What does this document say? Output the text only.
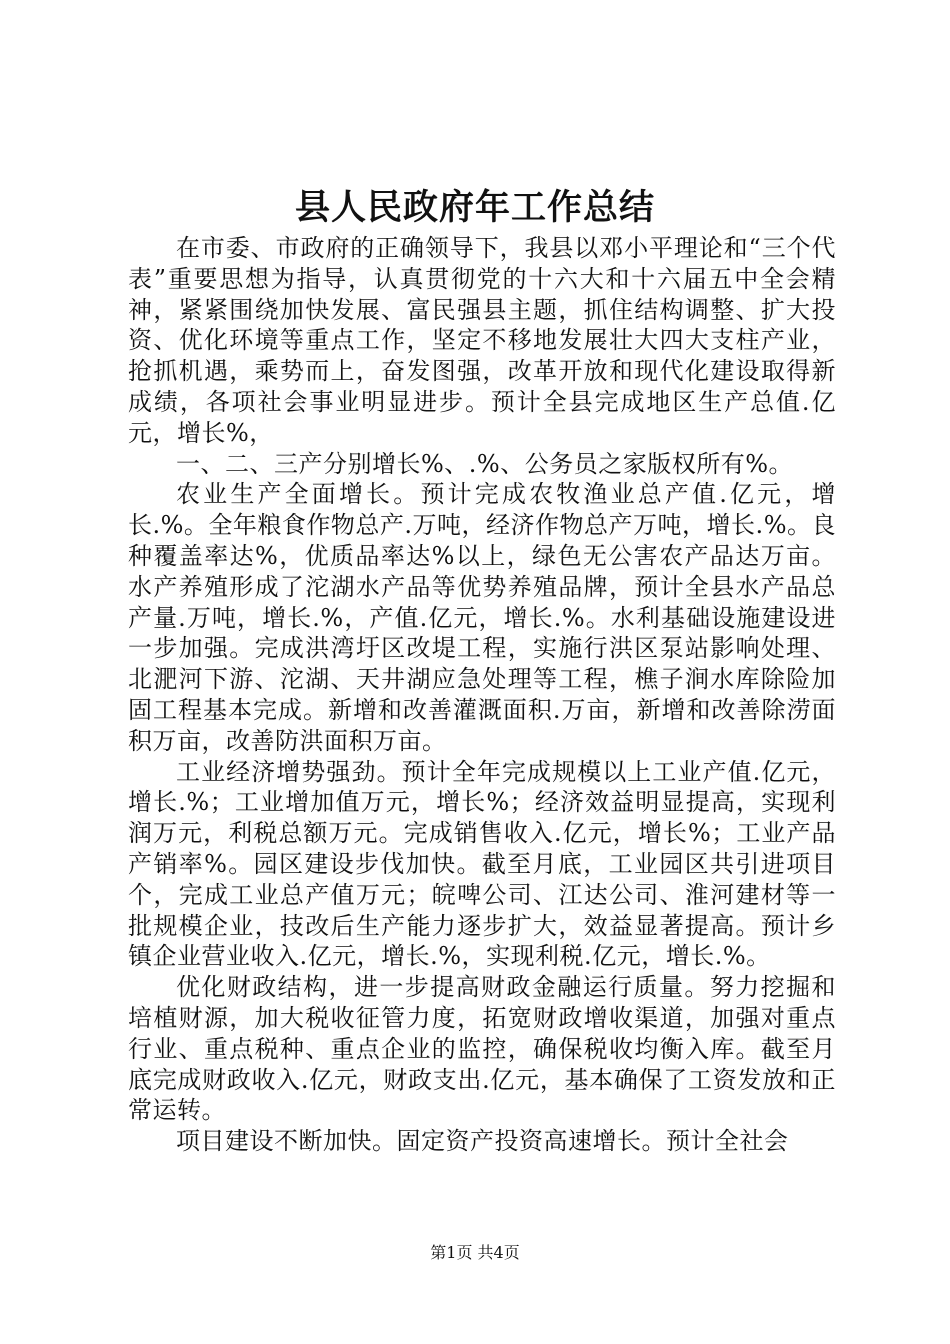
县人民政府年工作总结

在市委、市政府的正确领导下，我县以邓小平理论和“三个代表”重要思想为指导，认真贯彻党的十六大和十六届五中全会精神，紧紧围绕加快发展、富民强县主题，抓住结构调整、扩大投资、优化环境等重点工作，坚定不移地发展壮大四大支柱产业，抢抓机遇，乘势而上，奋发图强，改革开放和现代化建设取得新成绩，各项社会事业明显进步。预计全县完成地区生产总值.亿元，增长%，

一、二、三产分别增长%、.%、公务员之家版权所有%。

农业生产全面增长。预计完成农牧渔业总产值.亿元，增长.%。全年粮食作物总产.万吨，经济作物总产万吨，增长.%。良种覆盖率达%，优质品率达%以上，绿色无公害农产品达万亩。水产养殖形成了沱湖水产品等优势养殖品牌，预计全县水产品总产量.万吨，增长.%，产值.亿元，增长.%。水利基础设施建设进一步加强。完成洪湾圩区改堤工程，实施行洪区泵站影响处理、北淝河下游、沱湖、天井湖应急处理等工程，樵子涧水库除险加固工程基本完成。新增和改善灌溉面积.万亩，新增和改善除涝面积万亩，改善防洪面积万亩。

工业经济增势强劲。预计全年完成规模以上工业产值.亿元，增长.%；工业增加值万元，增长%；经济效益明显提高，实现利润万元，利税总额万元。完成销售收入.亿元，增长%；工业产品产销率%。园区建设步伐加快。截至月底，工业园区共引进项目个，完成工业总产值万元；皖啤公司、江达公司、淮河建材等一批规模企业，技改后生产能力逐步扩大，效益显著提高。预计乡镇企业营业收入.亿元，增长.%，实现利税.亿元，增长.%。

优化财政结构，进一步提高财政金融运行质量。努力挖掘和培植财源，加大税收征管力度，拓宽财政增收渠道，加强对重点行业、重点税种、重点企业的监控，确保税收均衡入库。截至月底完成财政收入.亿元，财政支出.亿元，基本确保了工资发放和正常运转。

项目建设不断加快。固定资产投资高速增长。预计全社会

第1页 共4页
